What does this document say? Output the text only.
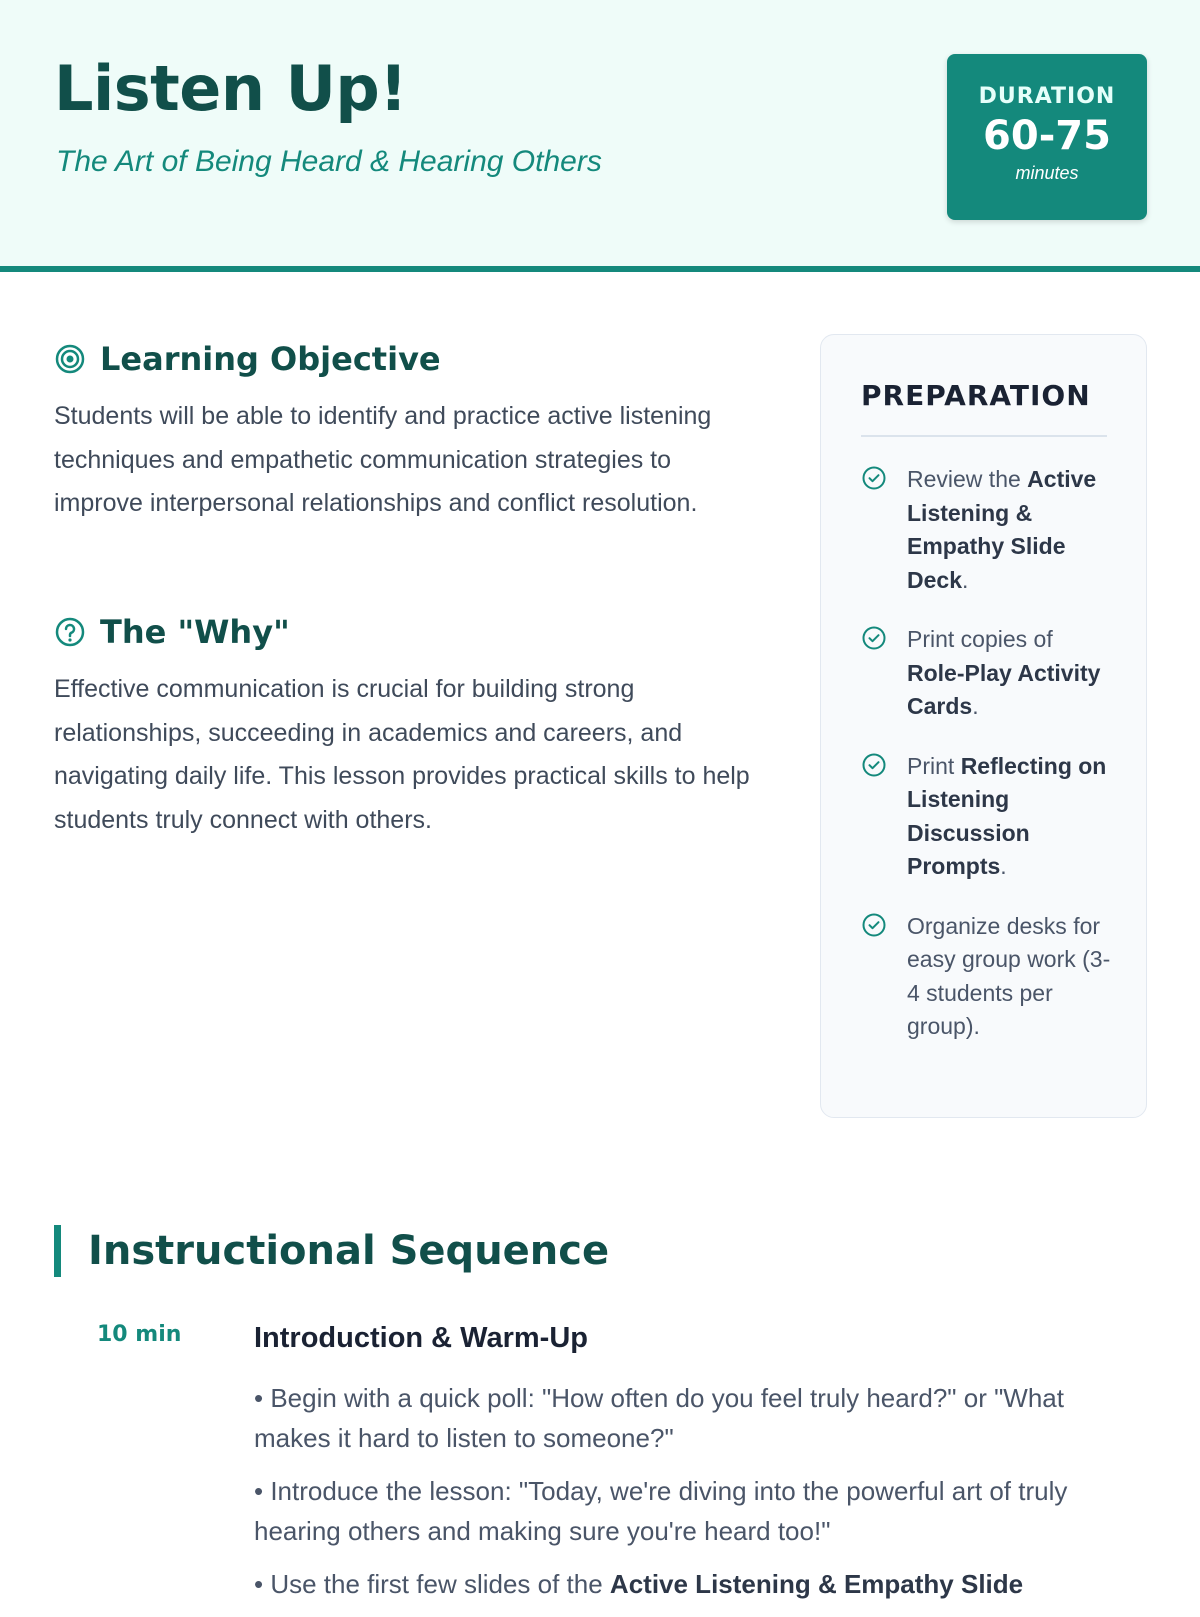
Listen Up!
The Art of Being Heard & Hearing Others
DURATION
60-75
minutes
Learning Objective

Students will be able to identify and practice active listening techniques and empathetic communication strategies to improve interpersonal relationships and conflict resolution.

The "Why"

Effective communication is crucial for building strong relationships, succeeding in academics and careers, and navigating daily life. This lesson provides practical skills to help students truly connect with others.

PREPARATION
Review the Active Listening & Empathy Slide Deck.
Print copies of Role-Play Activity Cards.
Print Reflecting on Listening Discussion Prompts.
Organize desks for easy group work (3-4 students per group).
Instructional Sequence
10 min	Introduction & Warm-Up
• Begin with a quick poll: "How often do you feel truly heard?" or "What makes it hard to listen to someone?"
• Introduce the lesson: "Today, we're diving into the powerful art of truly hearing others and making sure you're heard too!"
• Use the first few slides of the Active Listening & Empathy Slide
